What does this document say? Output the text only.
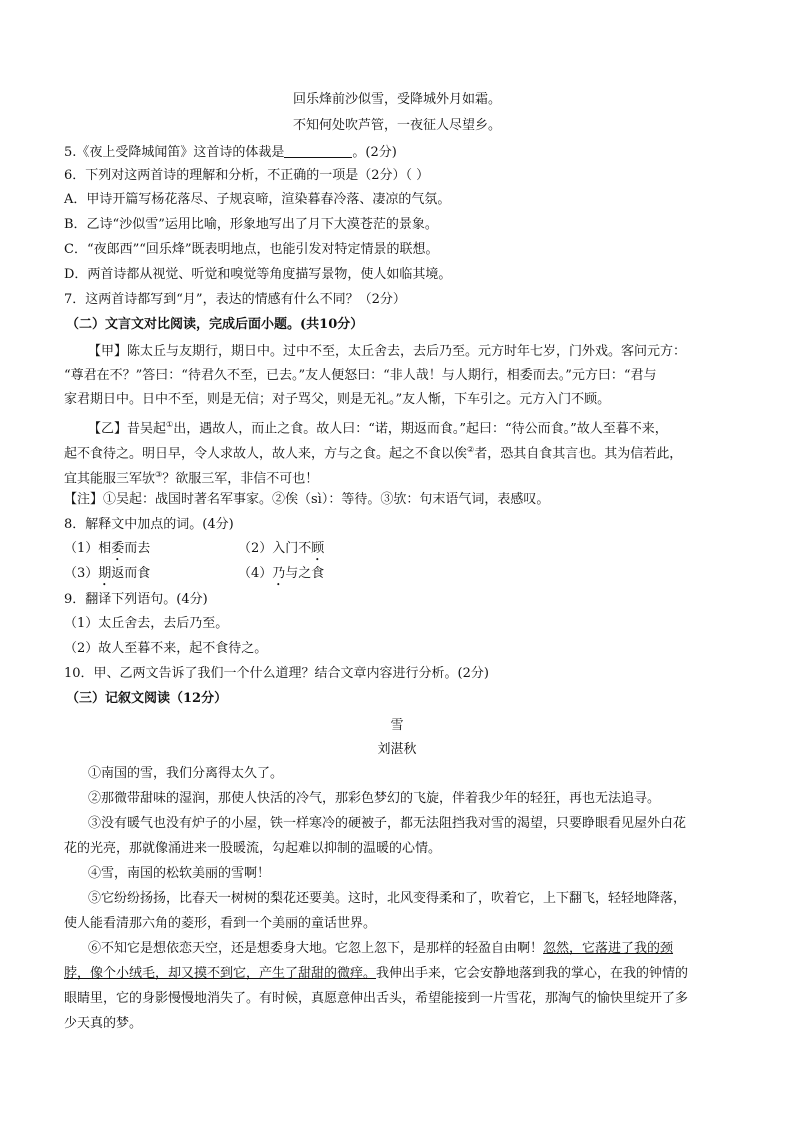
回乐烽前沙似雪，受降城外月如霜。
不知何处吹芦管，一夜征人尽望乡。
5.《夜上受降城闻笛》这首诗的体裁是	。(2分)
6．下列对这两首诗的理解和分析，不正确的一项是（2分）（ ）
A．甲诗开篇写杨花落尽、子规哀啼，渲染暮春冷落、凄凉的气氛。
B．乙诗“沙似雪”运用比喻，形象地写出了月下大漠苍茫的景象。
C．“夜郎西”“回乐烽”既表明地点，也能引发对特定情景的联想。
D．两首诗都从视觉、听觉和嗅觉等角度描写景物，使人如临其境。
7．这两首诗都写到“月”，表达的情感有什么不同？（2分）
（二）文言文对比阅读，完成后面小题。(共10分）
【甲】陈太丘与友期行，期日中。过中不至，太丘舍去，去后乃至。元方时年七岁，门外戏。客问元方：
“尊君在不？”答曰：“待君久不至，已去。”友人便怒曰：“非人哉！与人期行，相委而去。”元方曰：“君与
家君期日中。日中不至，则是无信；对子骂父，则是无礼。”友人惭，下车引之。元方入门不顾。
【乙】昔吴起①出，遇故人，而止之食。故人曰：“诺，期返而食。”起曰：“待公而食。”故人至暮不来，
起不食待之。明日早，令人求故人，故人来，方与之食。起之不食以俟②者，恐其自食其言也。其为信若此，
宜其能服三军欤③？欲服三军，非信不可也！
【注】①吴起：战国时著名军事家。②俟（sì）：等待。③欤：句末语气词，表感叹。
8．解释文中加点的词。(4分)
（1）相委而去	（2）入门不顾
（3）期返而食	（4）乃与之食
9．翻译下列语句。(4分)
（1）太丘舍去，去后乃至。
（2）故人至暮不来，起不食待之。
10．甲、乙两文告诉了我们一个什么道理？结合文章内容进行分析。(2分)
（三）记叙文阅读（12分）
雪
刘湛秋
①南国的雪，我们分离得太久了。
②那微带甜味的湿润，那使人快活的冷气，那彩色梦幻的飞旋，伴着我少年的轻狂，再也无法追寻。
③没有暖气也没有炉子的小屋，铁一样寒冷的硬被子，都无法阻挡我对雪的渴望，只要睁眼看见屋外白花
花的光亮，那就像涌进来一股暖流，勾起难以抑制的温暖的心情。
④雪，南国的松软美丽的雪啊！
⑤它纷纷扬扬，比春天一树树的梨花还要美。这时，北风变得柔和了，吹着它，上下翻飞，轻轻地降落，
使人能看清那六角的菱形，看到一个美丽的童话世界。
⑥不知它是想依恋天空，还是想委身大地。它忽上忽下，是那样的轻盈自由啊！忽然，它落进了我的颈
脖，像个小绒毛，却又摸不到它，产生了甜甜的微痒。我伸出手来，它会安静地落到我的掌心，在我的钟情的
眼睛里，它的身影慢慢地消失了。有时候，真愿意伸出舌头，希望能接到一片雪花，那淘气的愉快里绽开了多
少天真的梦。
